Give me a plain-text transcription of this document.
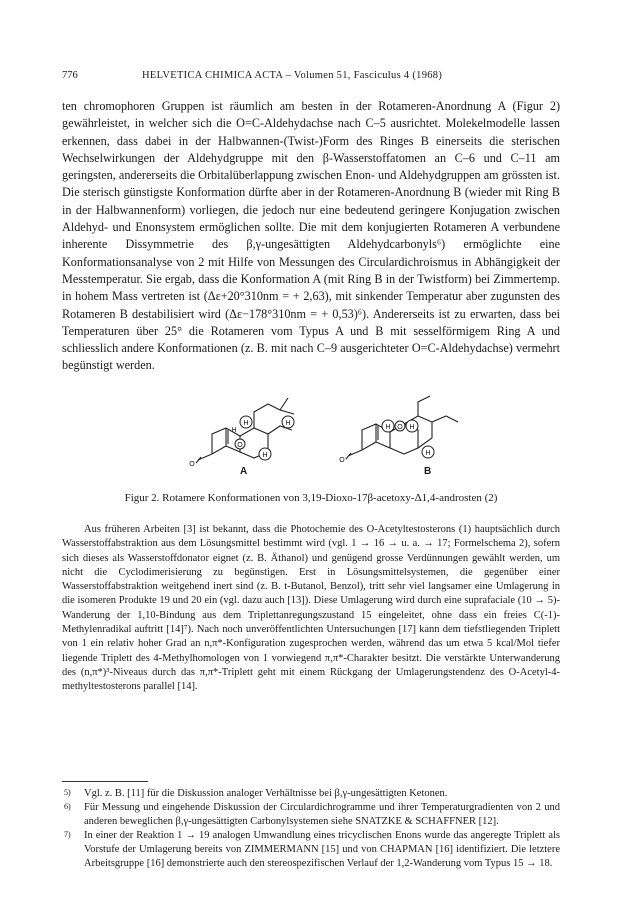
776	HELVETICA CHIMICA ACTA – Volumen 51, Fasciculus 4 (1968)

ten chromophoren Gruppen ist räumlich am besten in der Rotameren-Anordnung A (Figur 2) gewährleistet, in welcher sich die O=C-Aldehydachse nach C–5 ausrichtet. Molekelmodelle lassen erkennen, dass dabei in der Halbwannen-(Twist-)Form des Ringes B einerseits die sterischen Wechselwirkungen der Aldehydgruppe mit den β-Wasserstoffatomen an C–6 und C–11 am geringsten, andererseits die Orbitalüberlappung zwischen Enon- und Aldehydgruppen am grössten ist. Die sterisch günstigste Konformation dürfte aber in der Rotameren-Anordnung B (wieder mit Ring B in der Halbwannenform) vorliegen, die jedoch nur eine bedeutend geringere Konjugation zwischen Aldehyd- und Enonsystem ermöglichen sollte. Die mit dem konjugierten Rotameren A verbundene inherente Dissymmetrie des β,γ-ungesättigten Aldehydcarbonyls⁶) ermöglichte eine Konformationsanalyse von 2 mit Hilfe von Messungen des Circulardichroismus in Abhängigkeit der Messtemperatur. Sie ergab, dass die Konformation A (mit Ring B in der Twistform) bei Zimmertemp. in hohem Mass vertreten ist (Δε+20°310nm = + 2,63), mit sinkender Temperatur aber zugunsten des Rotameren B destabilisiert wird (Δε−178°310nm = + 0,53)⁶). Andererseits ist zu erwarten, dass bei Temperaturen über 25° die Rotameren vom Typus A und B mit sesselförmigem Ring A und schliesslich andere Konformationen (z. B. mit nach C–9 ausgerichteter O=C-Aldehydachse) vermehrt begünstigt werden.

H
H
H
O
O
H	H	H
O
H
O
A	B
Figur 2. Rotamere Konformationen von 3,19-Dioxo-17β-acetoxy-Δ1,4-androsten (2)

Aus früheren Arbeiten [3] ist bekannt, dass die Photochemie des O-Acetyltestosterons (1) hauptsächlich durch Wasserstoffabstraktion aus dem Lösungsmittel bestimmt wird (vgl. 1 → 16 → u. a. → 17; Formelschema 2), sofern sich dieses als Wasserstoffdonator eignet (z. B. Äthanol) und genügend grosse Verdünnungen gewählt werden, um nicht die Cyclodimerisierung zu begünstigen. Erst in Lösungsmittelsystemen, die gegenüber einer Wasserstoffabstraktion weitgehend inert sind (z. B. t-Butanol, Benzol), tritt sehr viel langsamer eine Umlagerung in die isomeren Produkte 19 und 20 ein (vgl. dazu auch [13]). Diese Umlagerung wird durch eine suprafaciale (10 → 5)-Wanderung der 1,10-Bindung aus dem Triplettanregungszustand 15 eingeleitet, ohne dass ein freies C(-1)-Methylenradikal auftritt [14]⁷). Nach noch unveröffentlichten Untersuchungen [17] kann dem tiefstliegenden Triplett von 1 ein relativ hoher Grad an n,π*-Konfiguration zugesprochen werden, während das um etwa 5 kcal/Mol tiefer liegende Triplett des 4-Methylhomologen von 1 vorwiegend π,π*-Charakter besitzt. Die verstärkte Unterwanderung des (n,π*)³-Niveaus durch das π,π*-Triplett geht mit einem Rückgang der Umlagerungstendenz des O-Acetyl-4-methyltestosterons parallel [14].

5) Vgl. z. B. [11] für die Diskussion analoger Verhältnisse bei β,γ-ungesättigten Ketonen.
6) Für Messung und eingehende Diskussion der Circulardichrogramme und ihrer Temperaturgradienten von 2 und anderen beweglichen β,γ-ungesättigten Carbonylsystemen siehe SNATZKE & SCHAFFNER [12].
7) In einer der Reaktion 1 → 19 analogen Umwandlung eines tricyclischen Enons wurde das angeregte Triplett als Vorstufe der Umlagerung bereits von ZIMMERMANN [15] und von CHAPMAN [16] identifiziert. Die letztere Arbeitsgruppe [16] demonstrierte auch den stereospezifischen Verlauf der 1,2-Wanderung vom Typus 15 → 18.
